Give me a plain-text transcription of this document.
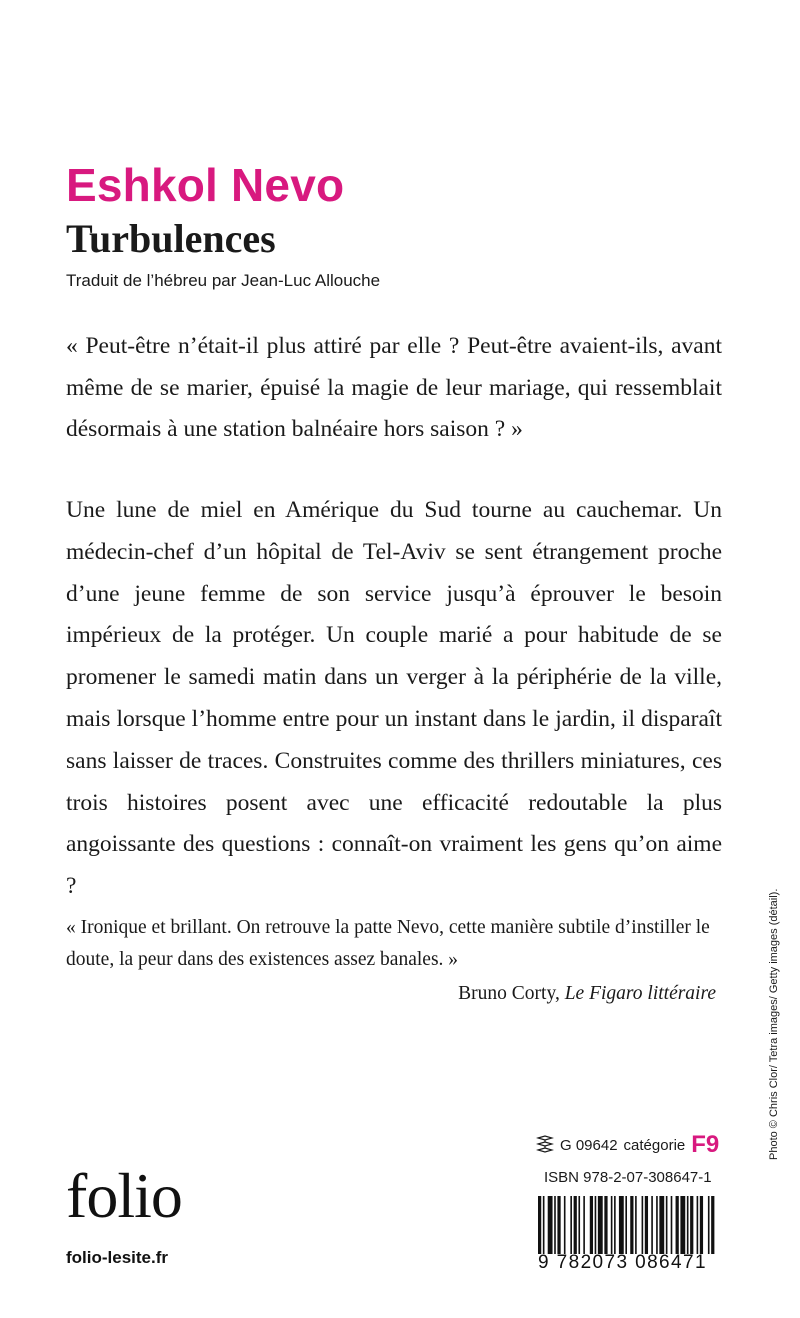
Eshkol Nevo
Turbulences
Traduit de l’hébreu par Jean-Luc Allouche

« Peut-être n’était-il plus attiré par elle ? Peut-être avaient-ils, avant même de se marier, épuisé la magie de leur mariage, qui ressemblait désormais à une station balnéaire hors saison ? »

Une lune de miel en Amérique du Sud tourne au cauchemar. Un médecin-chef d’un hôpital de Tel-Aviv se sent étrangement proche d’une jeune femme de son service jusqu’à éprouver le besoin impérieux de la protéger. Un couple marié a pour habitude de se promener le samedi matin dans un verger à la périphérie de la ville, mais lorsque l’homme entre pour un instant dans le jardin, il disparaît sans laisser de traces. Construites comme des thrillers miniatures, ces trois histoires posent avec une efficacité redoutable la plus angoissante des questions : connaît-on vraiment les gens qu’on aime ?

« Ironique et brillant. On retrouve la patte Nevo, cette manière subtile d’instiller le doute, la peur dans des existences assez banales. »

Bruno Corty, Le Figaro littéraire
folio
folio-lesite.fr
G 09642 catégorie F9
ISBN 978-2-07-308647-1
9 782073 086471
Photo © Chris Clor/ Tetra images/ Getty images (détail).
